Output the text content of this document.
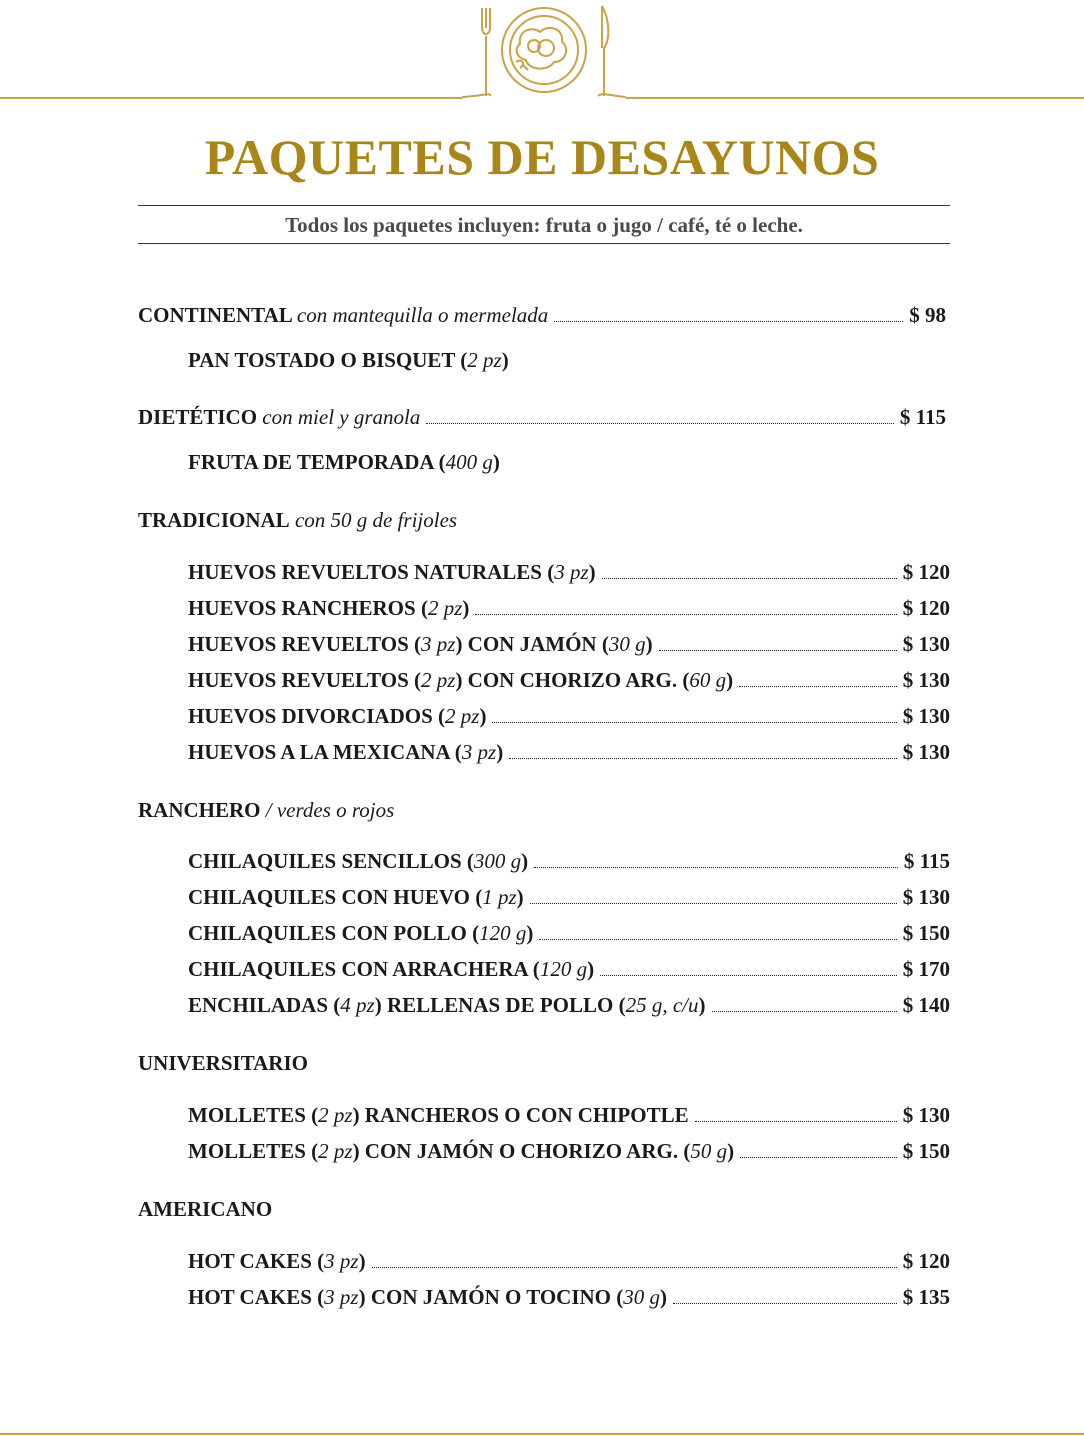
PAQUETES DE DESAYUNOS
Todos los paquetes incluyen: fruta o jugo / café, té o leche.
CONTINENTAL con mantequilla o mermelada	$ 98
PAN TOSTADO O BISQUET ( 2 pz )
DIETÉTICO con miel y granola	$ 115
FRUTA DE TEMPORADA ( 400 g )
TRADICIONAL
con 50 g de frijoles
HUEVOS REVUELTOS NATURALES (3 pz)	$ 120
HUEVOS RANCHEROS (2 pz)	$ 120
HUEVOS REVUELTOS (3 pz) CON JAMÓN (30 g)	$ 130
HUEVOS REVUELTOS (2 pz) CON CHORIZO ARG. (60 g)	$ 130
HUEVOS DIVORCIADOS (2 pz)	$ 130
HUEVOS A LA MEXICANA (3 pz)	$ 130
RANCHERO
/ verdes o rojos
CHILAQUILES SENCILLOS (300 g)	$ 115
CHILAQUILES CON HUEVO (1 pz)	$ 130
CHILAQUILES CON POLLO (120 g)	$ 150
CHILAQUILES CON ARRACHERA (120 g)	$ 170
ENCHILADAS (4 pz) RELLENAS DE POLLO (25 g, c/u)	$ 140
UNIVERSITARIO
MOLLETES (2 pz) RANCHEROS O CON CHIPOTLE	$ 130
MOLLETES (2 pz) CON JAMÓN O CHORIZO ARG. (50 g)	$ 150
AMERICANO
HOT CAKES (3 pz)	$ 120
HOT CAKES (3 pz) CON JAMÓN O TOCINO (30 g)	$ 135
